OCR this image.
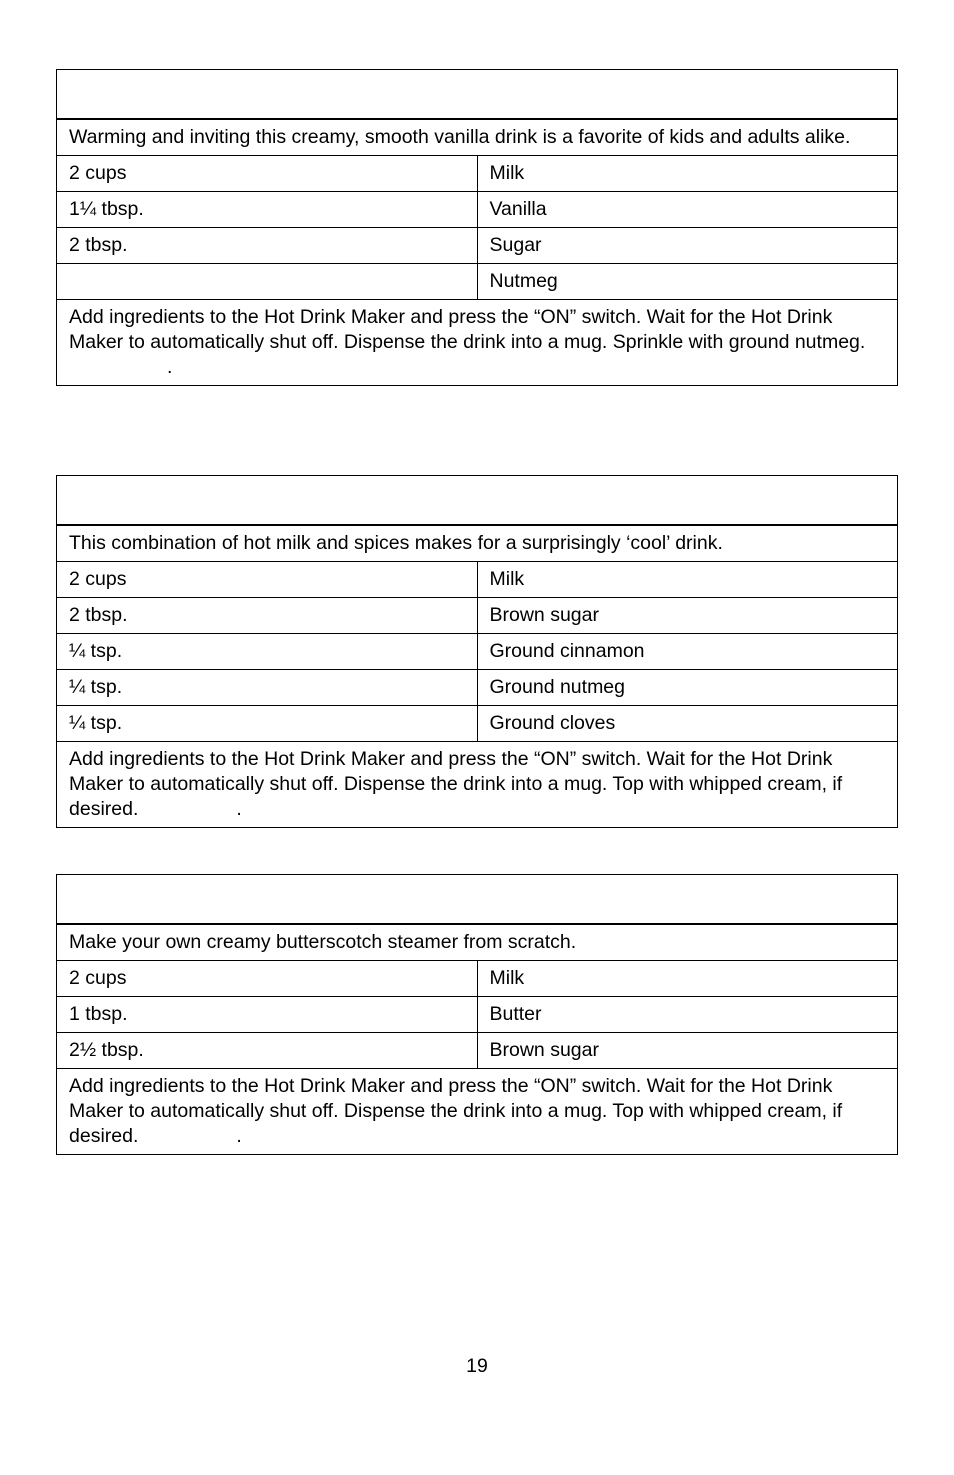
Warming and inviting this creamy, smooth vanilla drink is a favorite of kids and adults alike.	
2 cups	Milk
1¼ tbsp.	Vanilla
2 tbsp.	Sugar
	Nutmeg
Add ingredients to the Hot Drink Maker and press the “ON” switch. Wait for the Hot Drink Maker to automatically shut off. Dispense the drink into a mug. Sprinkle with ground nutmeg..	

This combination of hot milk and spices makes for a surprisingly ‘cool’ drink.	
2 cups	Milk
2 tbsp.	Brown sugar
¼ tsp.	Ground cinnamon
¼ tsp.	Ground nutmeg
¼ tsp.	Ground cloves
Add ingredients to the Hot Drink Maker and press the “ON” switch. Wait for the Hot Drink Maker to automatically shut off. Dispense the drink into a mug. Top with whipped cream, if desired. .	

Make your own creamy butterscotch steamer from scratch.	
2 cups	Milk
1 tbsp.	Butter
2½ tbsp.	Brown sugar
Add ingredients to the Hot Drink Maker and press the “ON” switch. Wait for the Hot Drink Maker to automatically shut off. Dispense the drink into a mug. Top with whipped cream, if desired. .	
19
